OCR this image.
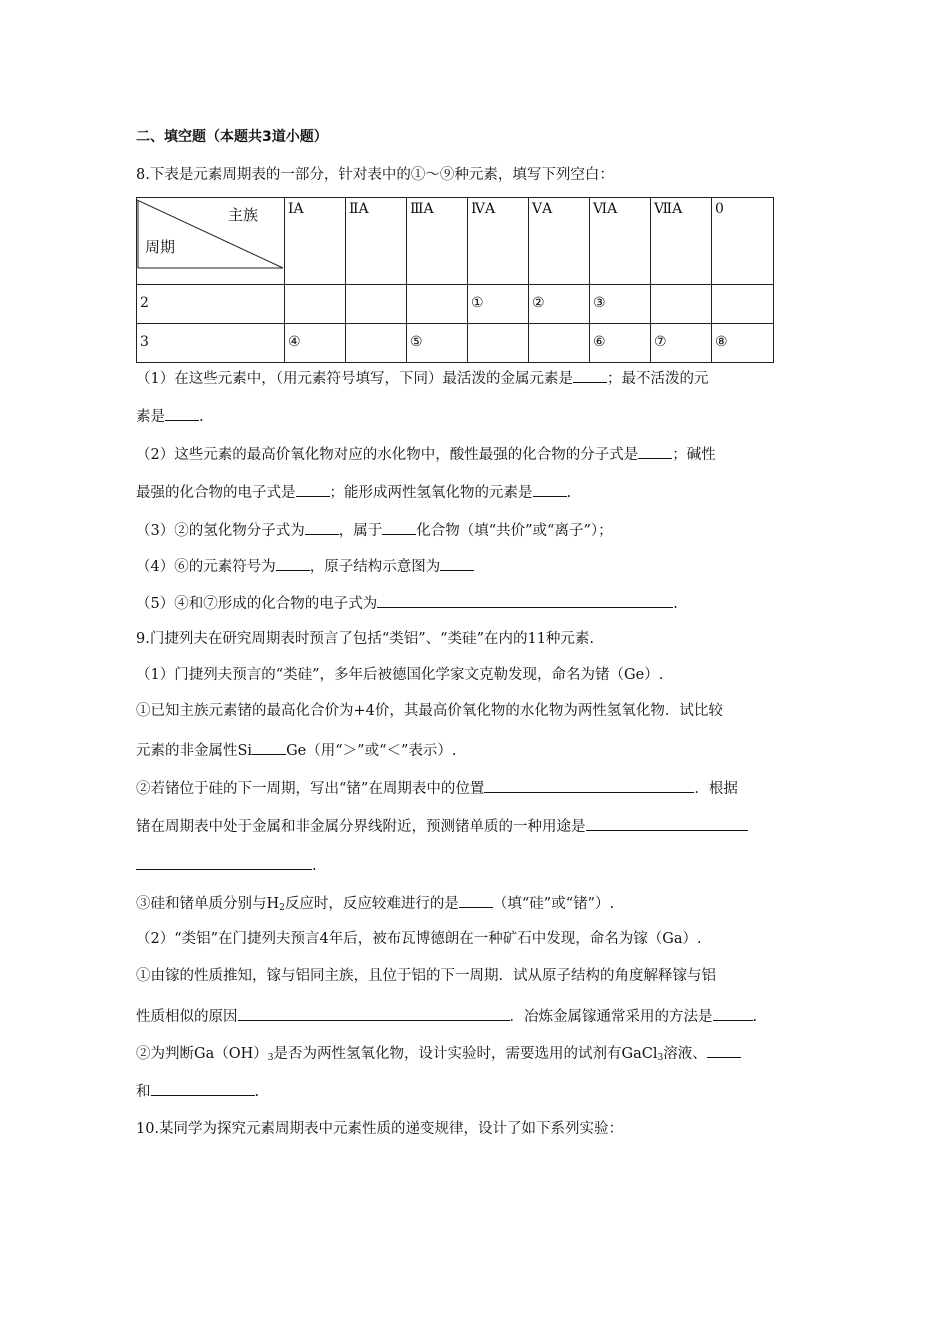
二、填空题（本题共3道小题）
8.下表是元素周期表的一部分，针对表中的①～⑨种元素，填写下列空白：
主族
周期	ⅠA	ⅡA	ⅢA	ⅣA	ⅤA	ⅥA	ⅦA	0

2				①	②	③		

3	④		⑤			⑥	⑦	⑧
（1）在这些元素中，（用元素符号填写，下同）最活泼的金属元素是 ；最不活泼的元
素是 .
（2）这些元素的最高价氧化物对应的水化物中，酸性最强的化合物的分子式是 ；碱性
最强的化合物的电子式是 ；能形成两性氢氧化物的元素是 .
（3）②的氢化物分子式为 ，属于 化合物（填“共价”或“离子”）；
（4）⑥的元素符号为 ，原子结构示意图为
（5）④和⑦形成的化合物的电子式为	.
9.门捷列夫在研究周期表时预言了包括“类铝”、“类硅”在内的11种元素.
（1）门捷列夫预言的“类硅”，多年后被德国化学家文克勒发现，命名为锗（Ge）.
①已知主族元素锗的最高化合价为+4价，其最高价氧化物的水化物为两性氢氧化物．试比较
元素的非金属性Si Ge（用“＞”或“＜”表示）.
②若锗位于硅的下一周期，写出“锗”在周期表中的位置	．根据
锗在周期表中处于金属和非金属分界线附近，预测锗单质的一种用途是
.
③硅和锗单质分别与$H_2$反应时，反应较难进行的是 （填“硅”或“锗”）.
（2）“类铝”在门捷列夫预言4年后，被布瓦博德朗在一种矿石中发现，命名为镓（Ga）.
①由镓的性质推知，镓与铝同主族，且位于铝的下一周期．试从原子结构的角度解释镓与铝
性质相似的原因	．冶炼金属镓通常采用的方法是	.
②为判断$Ga(OH)_3$是否为两性氢氧化物，设计实验时，需要选用的试剂有GaCl$_3$溶液、
和	.
10.某同学为探究元素周期表中元素性质的递变规律，设计了如下系列实验：
